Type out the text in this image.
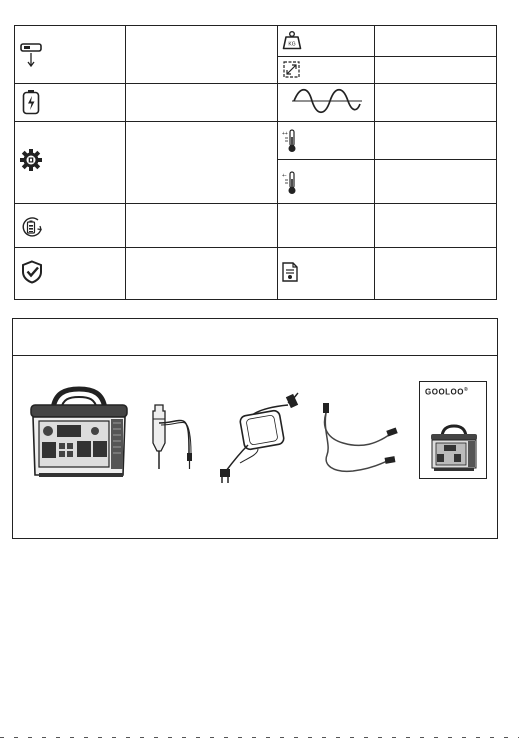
KG
++
+-
GOOLOO®
